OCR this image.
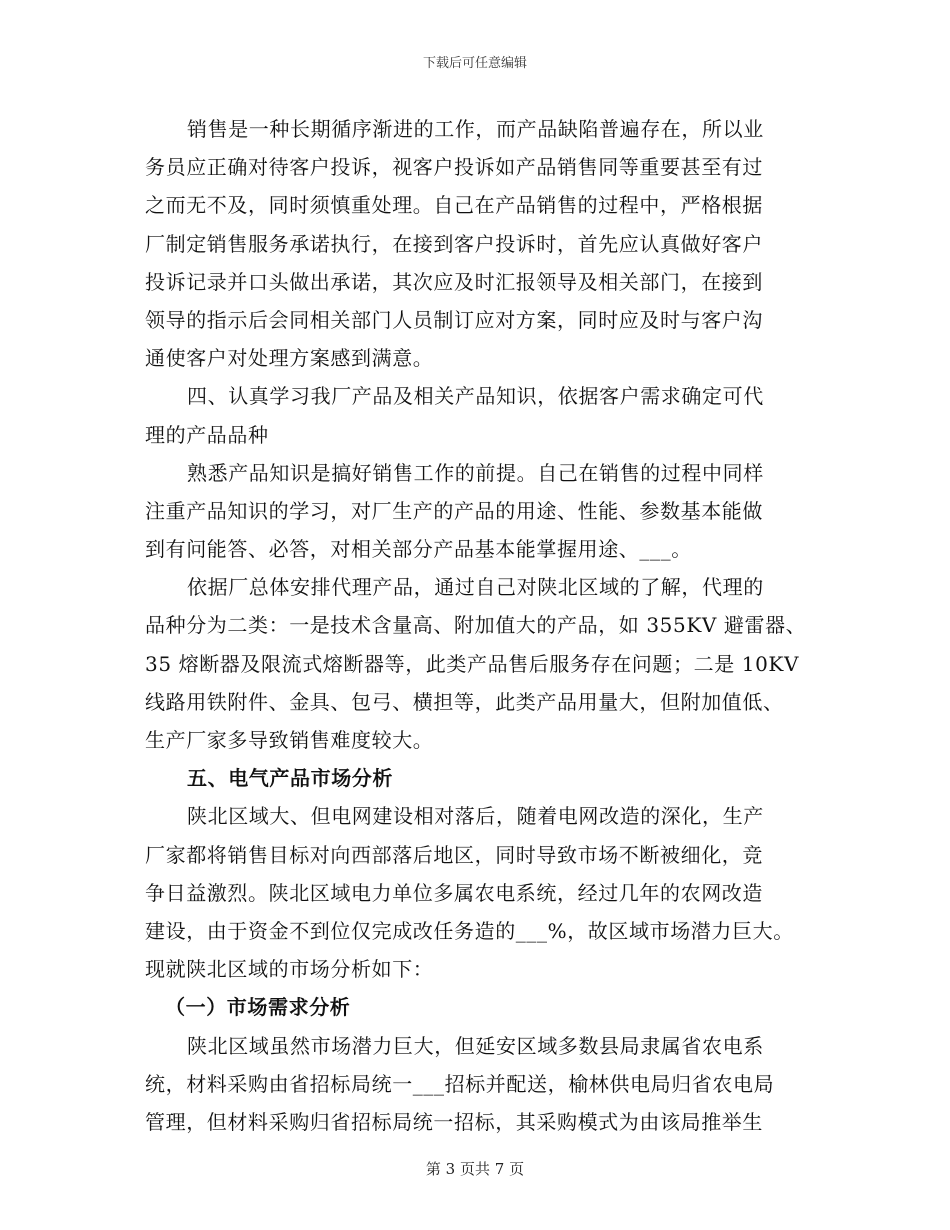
下载后可任意编辑
销售是一种长期循序渐进的工作，而产品缺陷普遍存在，所以业
务员应正确对待客户投诉，视客户投诉如产品销售同等重要甚至有过
之而无不及，同时须慎重处理。自己在产品销售的过程中，严格根据
厂制定销售服务承诺执行，在接到客户投诉时，首先应认真做好客户
投诉记录并口头做出承诺，其次应及时汇报领导及相关部门，在接到
领导的指示后会同相关部门人员制订应对方案，同时应及时与客户沟
通使客户对处理方案感到满意。
四、认真学习我厂产品及相关产品知识，依据客户需求确定可代
理的产品品种
熟悉产品知识是搞好销售工作的前提。自己在销售的过程中同样
注重产品知识的学习，对厂生产的产品的用途、性能、参数基本能做
到有问能答、必答，对相关部分产品基本能掌握用途、___。
依据厂总体安排代理产品，通过自己对陕北区域的了解，代理的
品种分为二类：一是技术含量高、附加值大的产品，如 355KV 避雷器、
35 熔断器及限流式熔断器等，此类产品售后服务存在问题；二是 10KV
线路用铁附件、金具、包弓、横担等，此类产品用量大，但附加值低、
生产厂家多导致销售难度较大。
五、电气产品市场分析
陕北区域大、但电网建设相对落后，随着电网改造的深化，生产
厂家都将销售目标对向西部落后地区，同时导致市场不断被细化，竞
争日益激烈。陕北区域电力单位多属农电系统，经过几年的农网改造
建设，由于资金不到位仅完成改任务造的___%，故区域市场潜力巨大。
现就陕北区域的市场分析如下：
（一）市场需求分析
陕北区域虽然市场潜力巨大，但延安区域多数县局隶属省农电系
统，材料采购由省招标局统一___招标并配送，榆林供电局归省农电局
管理，但材料采购归省招标局统一招标，其采购模式为由该局推举生
第 3 页共 7 页
